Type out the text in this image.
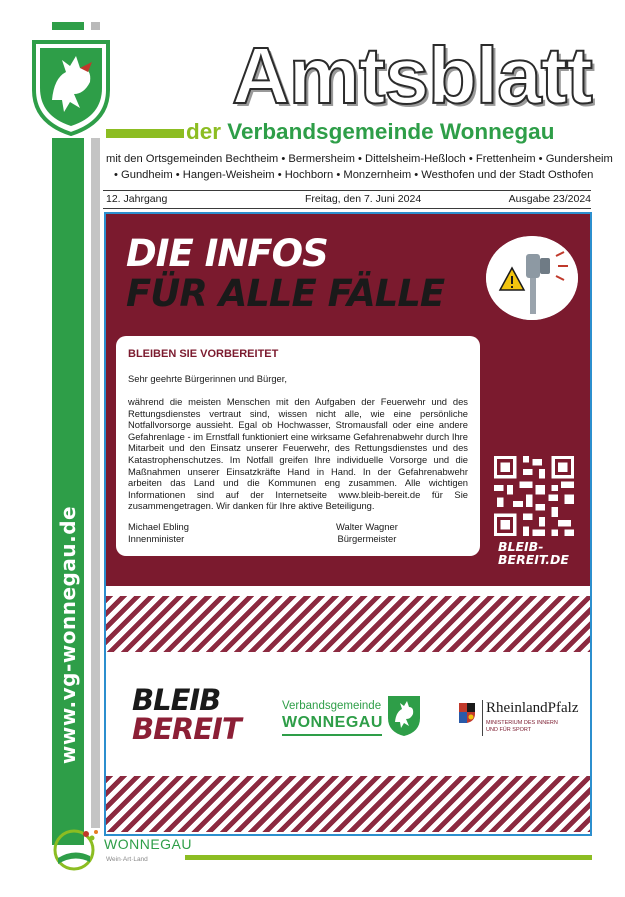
www.vg-wonnegau.de
Amtsblatt
der Verbandsgemeinde Wonnegau
mit den Ortsgemeinden Bechtheim • Bermersheim • Dittelsheim-Heßloch • Frettenheim • Gundersheim
• Gundheim • Hangen-Weisheim • Hochborn • Monzernheim • Westhofen und der Stadt Osthofen
12. Jahrgang	Freitag, den 7. Juni 2024	Ausgabe 23/2024
DIE INFOS
FÜR ALLE FÄLLE
BLEIBEN SIE VORBEREITET
Sehr geehrte Bürgerinnen und Bürger,
während die meisten Menschen mit den Aufgaben der Feuerwehr und des Rettungsdienstes vertraut sind, wissen nicht alle, wie eine persönliche Notfallvorsorge aussieht. Egal ob Hochwasser, Stromausfall oder eine andere Gefahrenlage - im Ernstfall funktioniert eine wirksame Gefahrenabwehr durch Ihre Mitarbeit und den Einsatz unserer Feuerwehr, des Rettungsdienstes und des Katastrophenschutzes. Im Notfall greifen Ihre individuelle Vorsorge und die Maßnahmen unserer Einsatzkräfte Hand in Hand. In der Gefahrenabwehr arbeiten das Land und die Kommunen eng zusammen. Alle wichtigen Informationen sind auf der Internetseite www.bleib-bereit.de für Sie zusammengetragen. Wir danken für Ihre aktive Beteiligung.
Michael Ebling
Innenminister
Walter Wagner
Bürgermeister
BLEIB-
BEREIT.DE
BLEIB
BEREIT
Verbandsgemeinde
WONNEGAU
RheinlandPfalz
MINISTERIUM DES INNERN
UND FÜR SPORT
WONNEGAU
Wein·Art·Land
